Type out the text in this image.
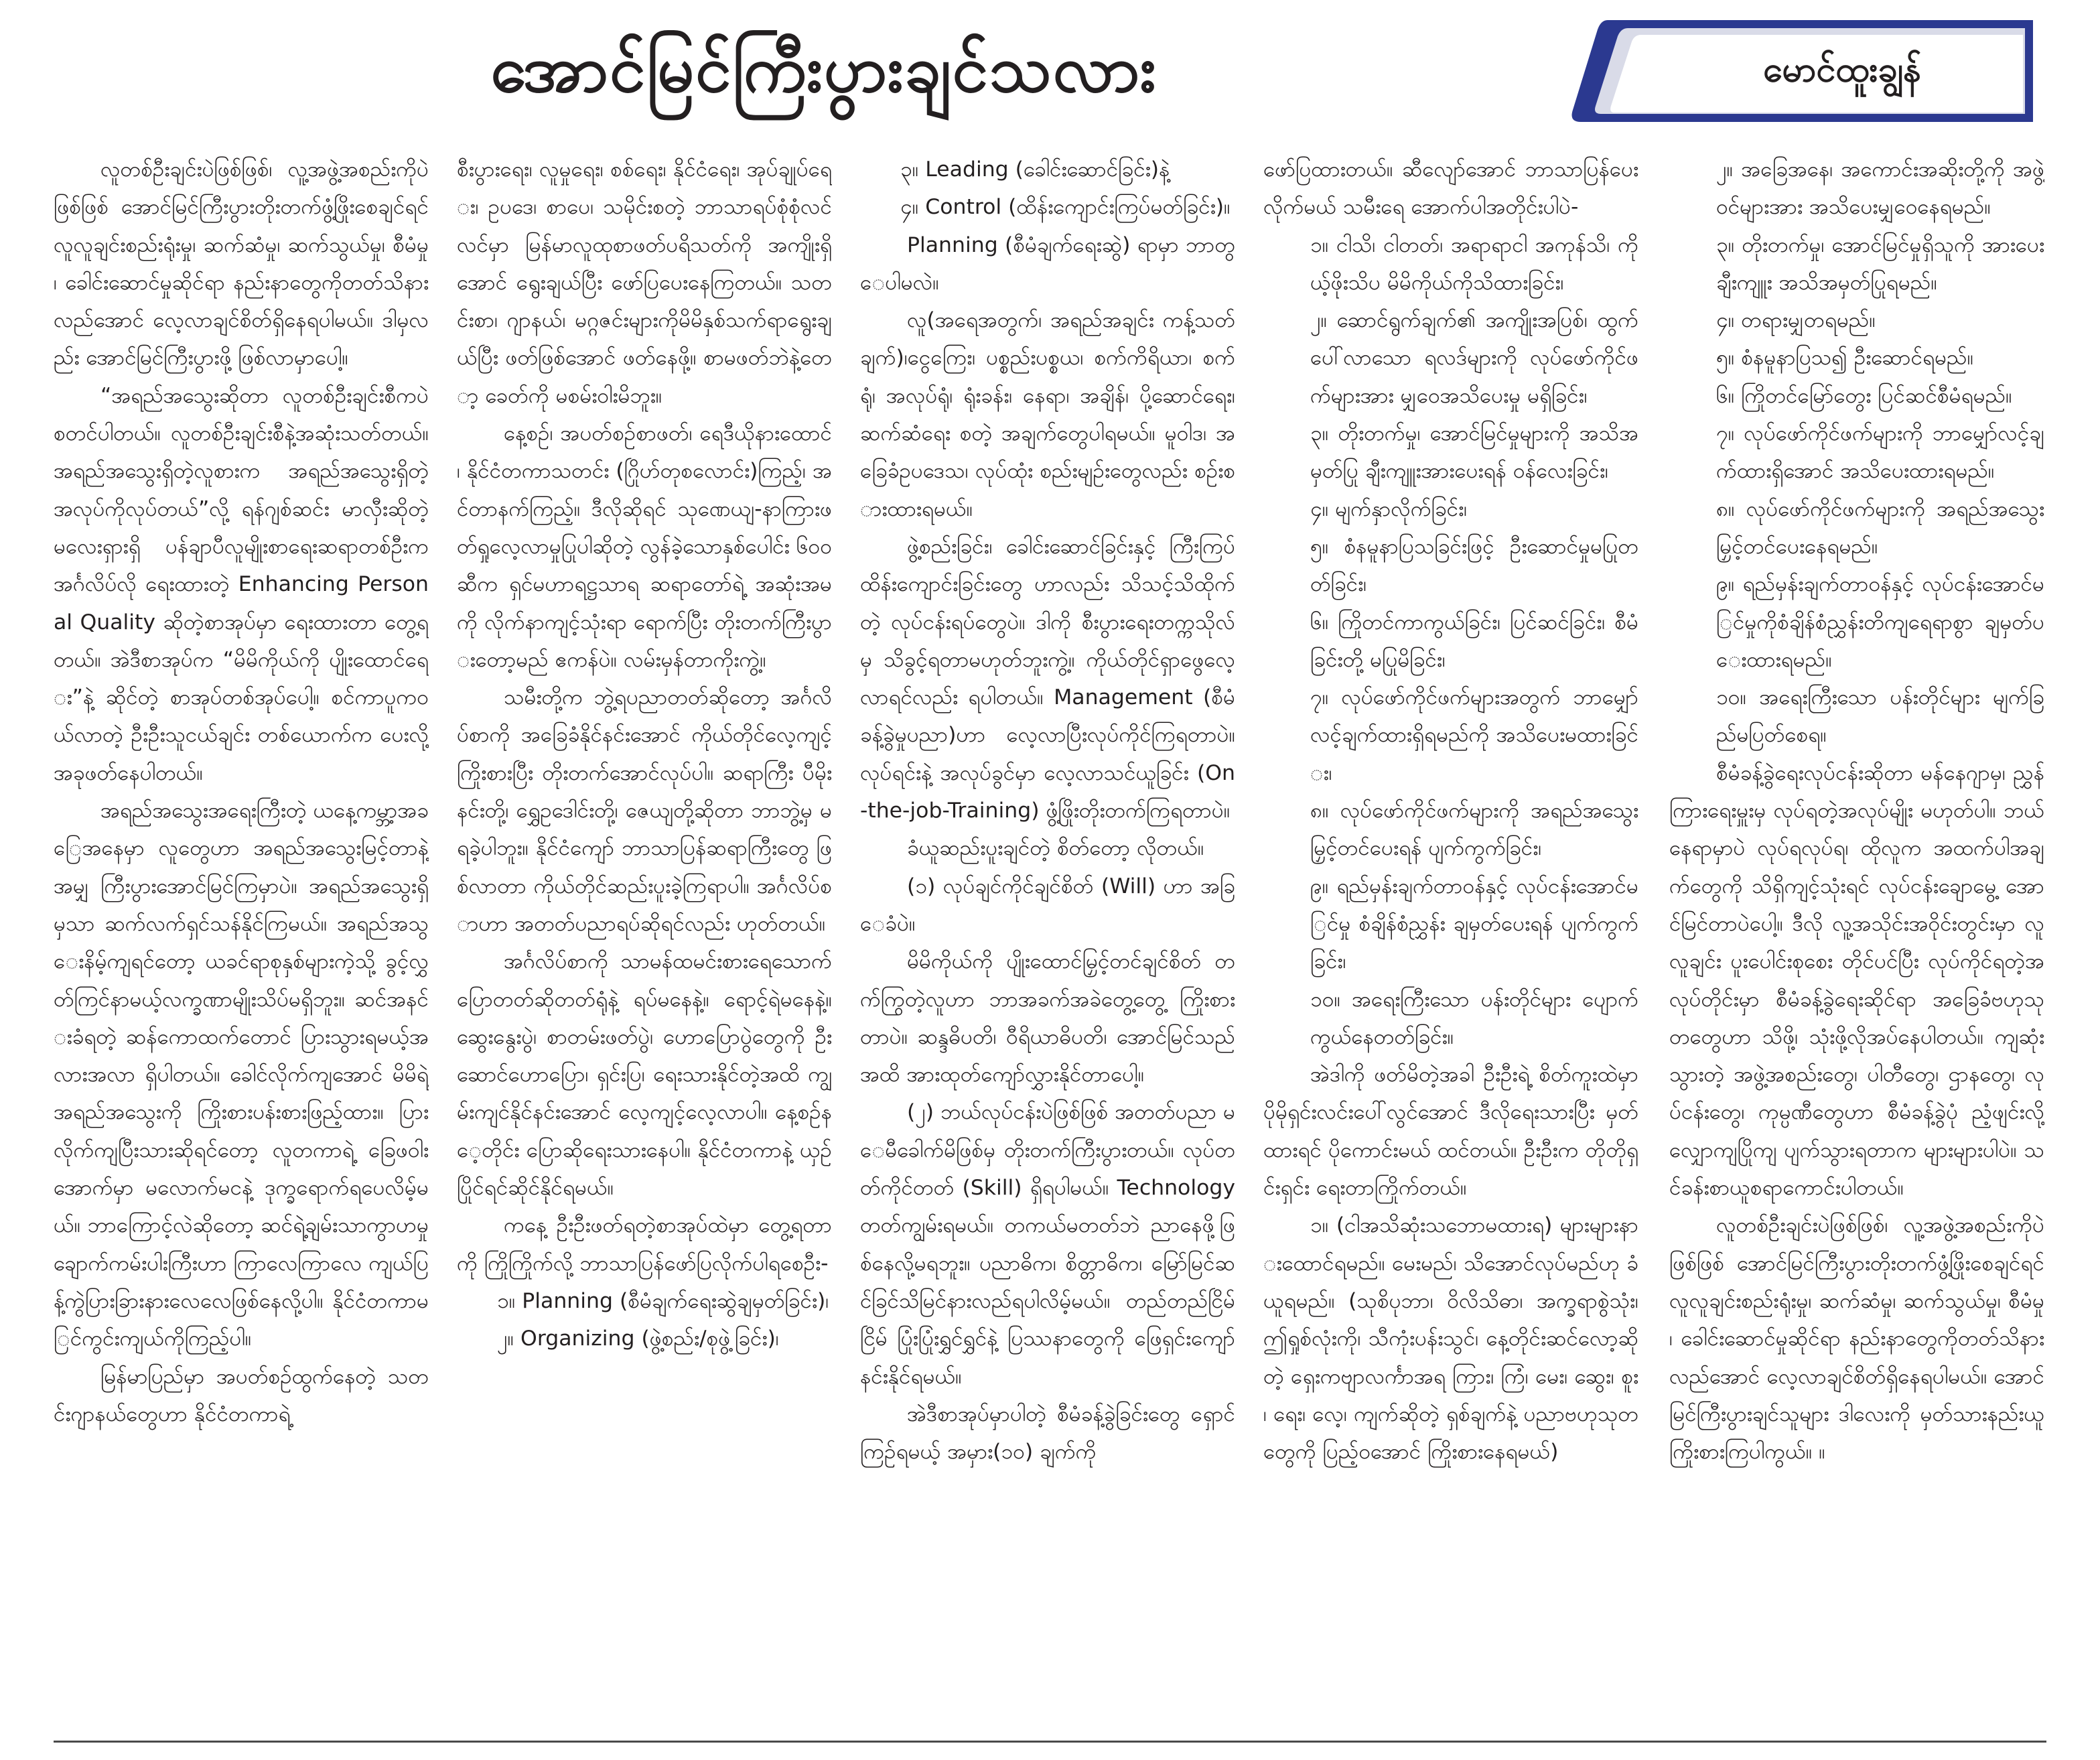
အောင်မြင်ကြီးပွားချင်သလား	မောင်ထူးချွန်

လူတစ်ဦးချင်းပဲဖြစ်ဖြစ်၊ လူ့အဖွဲ့အစည်းကိုပဲဖြစ်ဖြစ် အောင်မြင်ကြီးပွားတိုးတက်ဖွံ့ဖြိုးစေချင်ရင် လူလူချင်းစည်းရုံးမှု၊ ဆက်ဆံမှု၊ ဆက်သွယ်မှု၊ စီမံမှု၊ ခေါင်းဆောင်မှုဆိုင်ရာ နည်းနာတွေကိုတတ်သိနားလည်အောင် လေ့လာချင်စိတ်ရှိနေရပါမယ်။ ဒါမှလည်း အောင်မြင်ကြီးပွားဖို့ ဖြစ်လာမှာပေါ့။

“အရည်အသွေးဆိုတာ လူတစ်ဦးချင်းစီကပဲ စတင်ပါတယ်။ လူတစ်ဦးချင်းစီနဲ့အဆုံးသတ်တယ်။ အရည်အသွေးရှိတဲ့လူစားက အရည်အသွေးရှိတဲ့ အလုပ်ကိုလုပ်တယ်”လို့ ရန်ဂျစ်ဆင်း မာလှီးဆိုတဲ့ မလေးရှားရှိ ပန်ချာပီလူမျိုးစာရေးဆရာတစ်ဦးက အင်္ဂလိပ်လို ရေးထားတဲ့ Enhancing Personal Quality ဆိုတဲ့စာအုပ်မှာ ရေးထားတာ တွေ့ရတယ်။ အဲဒီစာအုပ်က “မိမိကိုယ်ကို ပျိုးထောင်ရေး”နဲ့ ဆိုင်တဲ့ စာအုပ်တစ်အုပ်ပေါ့။ စင်ကာပူကဝယ်လာတဲ့ ဦးဦးသူငယ်ချင်း တစ်ယောက်က ပေးလို့ အခုဖတ်နေပါတယ်။

အရည်အသွေးအရေးကြီးတဲ့ ယနေ့ကမ္ဘာ့အခြေအနေမှာ လူတွေဟာ အရည်အသွေးမြင့်တာနဲ့အမျှ ကြီးပွားအောင်မြင်ကြမှာပဲ။ အရည်အသွေးရှိမှသာ ဆက်လက်ရှင်သန်နိုင်ကြမယ်။ အရည်အသွေးနိမ့်ကျရင်တော့ ယခင်ရာစုနှစ်များကဲ့သို့ ခွင့်လွှတ်ကြင်နာမယ့်လက္ခဏာမျိုးသိပ်မရှိဘူး။ ဆင်အနင်းခံရတဲ့ ဆန်ကောထက်တောင် ပြားသွားရမယ့်အလားအလာ ရှိပါတယ်။ ခေါင်လိုက်ကျအောင် မိမိရဲ့ အရည်အသွေးကို ကြိုးစားပန်းစားဖြည့်ထား။ ပြားလိုက်ကျပြီးသားဆိုရင်တော့ လူတကာရဲ့ ခြေဖဝါးအောက်မှာ မလောက်မငနဲ့ ဒုက္ခရောက်ရပေလိမ့်မယ်။ ဘာကြောင့်လဲဆိုတော့ ဆင်ရဲ့ချမ်းသာကွာဟမှုချောက်ကမ်းပါးကြီးဟာ ကြာလေကြာလေ ကျယ်ပြန့်ကွဲပြားခြားနားလေလေဖြစ်နေလို့ပါ။ နိုင်ငံတကာမြင်ကွင်းကျယ်ကိုကြည့်ပါ။

မြန်မာပြည်မှာ အပတ်စဉ်ထွက်နေတဲ့ သတင်းဂျာနယ်တွေဟာ နိုင်ငံတကာရဲ့

စီးပွားရေး၊ လူမှုရေး၊ စစ်ရေး၊ နိုင်ငံရေး၊ အုပ်ချုပ်ရေး၊ ဥပဒေ၊ စာပေ၊ သမိုင်းစတဲ့ ဘာသာရပ်စုံစုံလင်လင်မှာ မြန်မာလူထုစာဖတ်ပရိသတ်ကို အကျိုးရှိအောင် ရွေးချယ်ပြီး ဖော်ပြပေးနေကြတယ်။ သတင်းစာ၊ ဂျာနယ်၊ မဂ္ဂဇင်းများကိုမိမိနှစ်သက်ရာရွေးချယ်ပြီး ဖတ်ဖြစ်အောင် ဖတ်နေဖို့။ စာမဖတ်ဘဲနဲ့တော့ ခေတ်ကို မစမ်းဝါးမိဘူး။

နေ့စဉ်၊ အပတ်စဉ်စာဖတ်၊ ရေဒီယိုနားထောင်၊ နိုင်ငံတကာသတင်း (ဂြိုဟ်တုစလောင်း)ကြည့်၊ အင်တာနက်ကြည့်။ ဒီလိုဆိုရင် သုဏေယျ-နာကြားဖတ်ရှုလေ့လာမှုပြုပါဆိုတဲ့ လွန်ခဲ့သောနှစ်ပေါင်း ၆၀၀ ဆီက ရှင်မဟာရဋ္ဌသာရ ဆရာတော်ရဲ့ အဆုံးအမကို လိုက်နာကျင့်သုံးရာ ရောက်ပြီး တိုးတက်ကြီးပွားတော့မည် ဧကန်ပဲ။ လမ်းမှန်တာကိုးကွဲ့။

သမီးတို့က ဘွဲ့ရပညာတတ်ဆိုတော့ အင်္ဂလိပ်စာကို အခြေခံနိုင်နင်းအောင် ကိုယ်တိုင်လေ့ကျင့်ကြိုးစားပြီး တိုးတက်အောင်လုပ်ပါ။ ဆရာကြီး ပီမိုးနင်းတို့၊ ရွှေဥဒေါင်းတို့၊ ဇေယျတို့ဆိုတာ ဘာဘွဲ့မှ မရခဲ့ပါဘူး။ နိုင်ငံကျော် ဘာသာပြန်ဆရာကြီးတွေ ဖြစ်လာတာ ကိုယ်တိုင်ဆည်းပူးခဲ့ကြရာပါ။ အင်္ဂလိပ်စာဟာ အတတ်ပညာရပ်ဆိုရင်လည်း ဟုတ်တယ်။

အင်္ဂလိပ်စာကို သာမန်ထမင်းစားရေသောက် ပြောတတ်ဆိုတတ်ရုံနဲ့ ရပ်မနေနဲ့။ ရောင့်ရဲမနေနဲ့။ ဆွေးနွေးပွဲ၊ စာတမ်းဖတ်ပွဲ၊ ဟောပြောပွဲတွေကို ဦးဆောင်ဟောပြော၊ ရှင်းပြ၊ ရေးသားနိုင်တဲ့အထိ ကျွမ်းကျင်နိုင်နင်းအောင် လေ့ကျင့်လေ့လာပါ။ နေ့စဉ်နေ့တိုင်း ပြောဆိုရေးသားနေပါ။ နိုင်ငံတကာနဲ့ ယှဉ်ပြိုင်ရင်ဆိုင်နိုင်ရမယ်။

ကနေ့ ဦးဦးဖတ်ရတဲ့စာအုပ်ထဲမှာ တွေ့ရတာကို ကြိုကြိုက်လို့ ဘာသာပြန်ဖော်ပြလိုက်ပါရစေဦး-

၁။ Planning (စီမံချက်ရေးဆွဲချမှတ်ခြင်း)၊

၂။ Organizing (ဖွဲ့စည်း/စုဖွဲ့ခြင်း)၊

၃။ Leading (ခေါင်းဆောင်ခြင်း)နဲ့

၄။ Control (ထိန်းကျောင်းကြပ်မတ်ခြင်း)။

Planning (စီမံချက်ရေးဆွဲ) ရာမှာ ဘာတွေပါမလဲ။

လူ(အရေအတွက်၊ အရည်အချင်း ကန့်သတ်ချက်)၊ငွေကြေး၊ ပစ္စည်းပစ္စယ၊ စက်ကိရိယာ၊ စက်ရုံ၊ အလုပ်ရုံ၊ ရုံးခန်း၊ နေရာ၊ အချိန်၊ ပို့ဆောင်ရေး၊ ဆက်ဆံရေး စတဲ့ အချက်တွေပါရမယ်။ မူဝါဒ၊ အခြေခံဥပဒေသ၊ လုပ်ထုံး စည်းမျဉ်းတွေလည်း စဉ်းစားထားရမယ်။

ဖွဲ့စည်းခြင်း၊ ခေါင်းဆောင်ခြင်းနှင့် ကြီးကြပ်ထိန်းကျောင်းခြင်းတွေ ဟာလည်း သိသင့်သိထိုက်တဲ့ လုပ်ငန်းရပ်တွေပဲ။ ဒါကို စီးပွားရေးတက္ကသိုလ်မှ သိခွင့်ရတာမဟုတ်ဘူးကွဲ့။ ကိုယ်တိုင်ရှာဖွေလေ့လာရင်လည်း ရပါတယ်။ Management (စီမံခန့်ခွဲမှုပညာ)ဟာ လေ့လာပြီးလုပ်ကိုင်ကြရတာပဲ။ လုပ်ရင်းနဲ့ အလုပ်ခွင်မှာ လေ့လာသင်ယူခြင်း (On-the-job-Training) ဖွံ့ဖြိုးတိုးတက်ကြရတာပဲ။

ခံယူဆည်းပူးချင်တဲ့ စိတ်တော့ လိုတယ်။

(၁) လုပ်ချင်ကိုင်ချင်စိတ် (Will) ဟာ အခြေခံပဲ။

မိမိကိုယ်ကို ပျိုးထောင်မြှင့်တင်ချင်စိတ် တက်ကြွတဲ့လူဟာ ဘာအခက်အခဲတွေ့တွေ့ ကြိုးစားတာပဲ။ ဆန္ဒဓိပတိ၊ ဝီရိယာဓိပတိ၊ အောင်မြင်သည်အထိ အားထုတ်ကျော်လွှားနိုင်တာပေါ့။

(၂) ဘယ်လုပ်ငန်းပဲဖြစ်ဖြစ် အတတ်ပညာ မေမီခေါက်မိဖြစ်မှ တိုးတက်ကြီးပွားတယ်။ လုပ်တတ်ကိုင်တတ် (Skill) ရှိရပါမယ်။ Technology တတ်ကျွမ်းရမယ်။ တကယ်မတတ်ဘဲ ညာနေဖို့ဖြစ်နေလို့မရဘူး။ ပညာဓိက၊ စိတ္တာဓိက၊ မြော်မြင်ဆင်ခြင်သိမြင်နားလည်ရပါလိမ့်မယ်။ တည်တည်ငြိမ်ငြိမ် ပြုံးပြုံးရွှင်ရွှင်နဲ့ ပြဿနာတွေကို ဖြေရှင်းကျော်နင်းနိုင်ရမယ်။

အဲဒီစာအုပ်မှာပါတဲ့ စီမံခန့်ခွဲခြင်းတွေ ရှောင်ကြဉ်ရမယ့် အမှား(၁၀) ချက်ကို

ဖော်ပြထားတယ်။ ဆီလျော်အောင် ဘာသာပြန်ပေးလိုက်မယ် သမီးရေ အောက်ပါအတိုင်းပါပဲ-

၁။ ငါသိ၊ ငါတတ်၊ အရာရာငါ အကုန်သိ၊ ကိုယ့်ဖိုးသိပ မိမိကိုယ်ကိုသိထားခြင်း၊

၂။ ဆောင်ရွက်ချက်၏ အကျိုးအပြစ်၊ ထွက်ပေါ်လာသော ရလဒ်များကို လုပ်ဖော်ကိုင်ဖက်များအား မျှဝေအသိပေးမှု မရှိခြင်း၊

၃။ တိုးတက်မှု၊ အောင်မြင်မှုများကို အသိအမှတ်ပြု ချီးကျူးအားပေးရန် ဝန်လေးခြင်း၊

၄။ မျက်နှာလိုက်ခြင်း၊

၅။ စံနမူနာပြသခြင်းဖြင့် ဦးဆောင်မှုမပြုတတ်ခြင်း၊

၆။ ကြိုတင်ကာကွယ်ခြင်း၊ ပြင်ဆင်ခြင်း၊ စီမံခြင်းတို့ မပြုမိခြင်း၊

၇။ လုပ်ဖော်ကိုင်ဖက်များအတွက် ဘာမျှော်လင့်ချက်ထားရှိရမည်ကို အသိပေးမထားခြင်း၊

၈။ လုပ်ဖော်ကိုင်ဖက်များကို အရည်အသွေးမြှင့်တင်ပေးရန် ပျက်ကွက်ခြင်း၊

၉။ ရည်မှန်းချက်တာဝန်နှင့် လုပ်ငန်းအောင်မြင်မှု စံချိန်စံညွှန်း ချမှတ်ပေးရန် ပျက်ကွက်ခြင်း၊

၁၀။ အရေးကြီးသော ပန်းတိုင်များ ပျောက်ကွယ်နေတတ်ခြင်း။

အဲဒါကို ဖတ်မိတဲ့အခါ ဦးဦးရဲ့ စိတ်ကူးထဲမှာ ပိုမိုရှင်းလင်းပေါ်လွင်အောင် ဒီလိုရေးသားပြီး မှတ်ထားရင် ပိုကောင်းမယ် ထင်တယ်။ ဦးဦးက တိုတိုရှင်းရှင်း ရေးတာကြိုက်တယ်။

၁။ (ငါအသိဆုံးသဘောမထားရ) များများနားထောင်ရမည်။ မေးမည်၊ သိအောင်လုပ်မည်ဟု ခံယူရမည်။ (သုစိပုဘာ၊ ဝိလိသိဓာ၊ အက္ခရာစွဲသုံး၊ ဤရှုစ်လုံးကို၊ သီကုံးပန်းသွင်၊ နေ့တိုင်းဆင်လော့ဆိုတဲ့ ရှေးကဗျာလင်္ကာအရ ကြား၊ ကြံ၊ မေး၊ ဆွေး၊ စူး၊ ရေး၊ လေ့၊ ကျက်ဆိုတဲ့ ရှစ်ချက်နဲ့ ပညာဗဟုသုတတွေကို ပြည့်ဝအောင် ကြိုးစားနေရမယ်)

၂။ အခြေအနေ၊ အကောင်းအဆိုးတို့ကို အဖွဲ့ဝင်များအား အသိပေးမျှဝေနေရမည်။

၃။ တိုးတက်မှု၊ အောင်မြင်မှုရှိသူကို အားပေးချီးကျူး အသိအမှတ်ပြုရမည်။

၄။ တရားမျှတရမည်။

၅။ စံနမူနာပြသ၍ ဦးဆောင်ရမည်။

၆။ ကြိုတင်မြော်တွေး ပြင်ဆင်စီမံရမည်။

၇။ လုပ်ဖော်ကိုင်ဖက်များကို ဘာမျှော်လင့်ချက်ထားရှိအောင် အသိပေးထားရမည်။

၈။ လုပ်ဖော်ကိုင်ဖက်များကို အရည်အသွေးမြှင့်တင်ပေးနေရမည်။

၉။ ရည်မှန်းချက်တာဝန်နှင့် လုပ်ငန်းအောင်မြင်မှုကိုစံချိန်စံညွှန်းတိကျရေရာစွာ ချမှတ်ပေးထားရမည်။

၁၀။ အရေးကြီးသော ပန်းတိုင်များ မျက်ခြည်မပြတ်စေရ။

စီမံခန့်ခွဲရေးလုပ်ငန်းဆိုတာ မန်နေဂျာမှ၊ ညွှန်ကြားရေးမှူးမှ လုပ်ရတဲ့အလုပ်မျိုး မဟုတ်ပါ။ ဘယ်နေရာမှာပဲ လုပ်ရလုပ်ရ၊ ထိုလူက အထက်ပါအချက်တွေကို သိရှိကျင့်သုံးရင် လုပ်ငန်းချောမွေ့ အောင်မြင်တာပဲပေါ့။ ဒီလို လူ့အသိုင်းအဝိုင်းတွင်းမှာ လူလူချင်း ပူးပေါင်းစုစေး တိုင်ပင်ပြီး လုပ်ကိုင်ရတဲ့အလုပ်တိုင်းမှာ စီမံခန့်ခွဲရေးဆိုင်ရာ အခြေခံဗဟုသုတတွေဟာ သိဖို့၊ သုံးဖို့လိုအပ်နေပါတယ်။ ကျဆုံးသွားတဲ့ အဖွဲ့အစည်းတွေ၊ ပါတီတွေ၊ ဌာနတွေ၊ လုပ်ငန်းတွေ၊ ကုမ္ပဏီတွေဟာ စီမံခန့်ခွဲပုံ ညံ့ဖျင်းလို့ လျှောကျပြိုကျ ပျက်သွားရတာက များများပါပဲ။ သင်ခန်းစာယူစရာကောင်းပါတယ်။

လူတစ်ဦးချင်းပဲဖြစ်ဖြစ်၊ လူ့အဖွဲ့အစည်းကိုပဲဖြစ်ဖြစ် အောင်မြင်ကြီးပွားတိုးတက်ဖွံ့ဖြိုးစေချင်ရင် လူလူချင်းစည်းရုံးမှု၊ ဆက်ဆံမှု၊ ဆက်သွယ်မှု၊ စီမံမှု၊ ခေါင်းဆောင်မှုဆိုင်ရာ နည်းနာတွေကိုတတ်သိနားလည်အောင် လေ့လာချင်စိတ်ရှိနေရပါမယ်။ အောင်မြင်ကြီးပွားချင်သူများ ဒါလေးကို မှတ်သားနည်းယူကြိုးစားကြပါကွယ်။ ။
